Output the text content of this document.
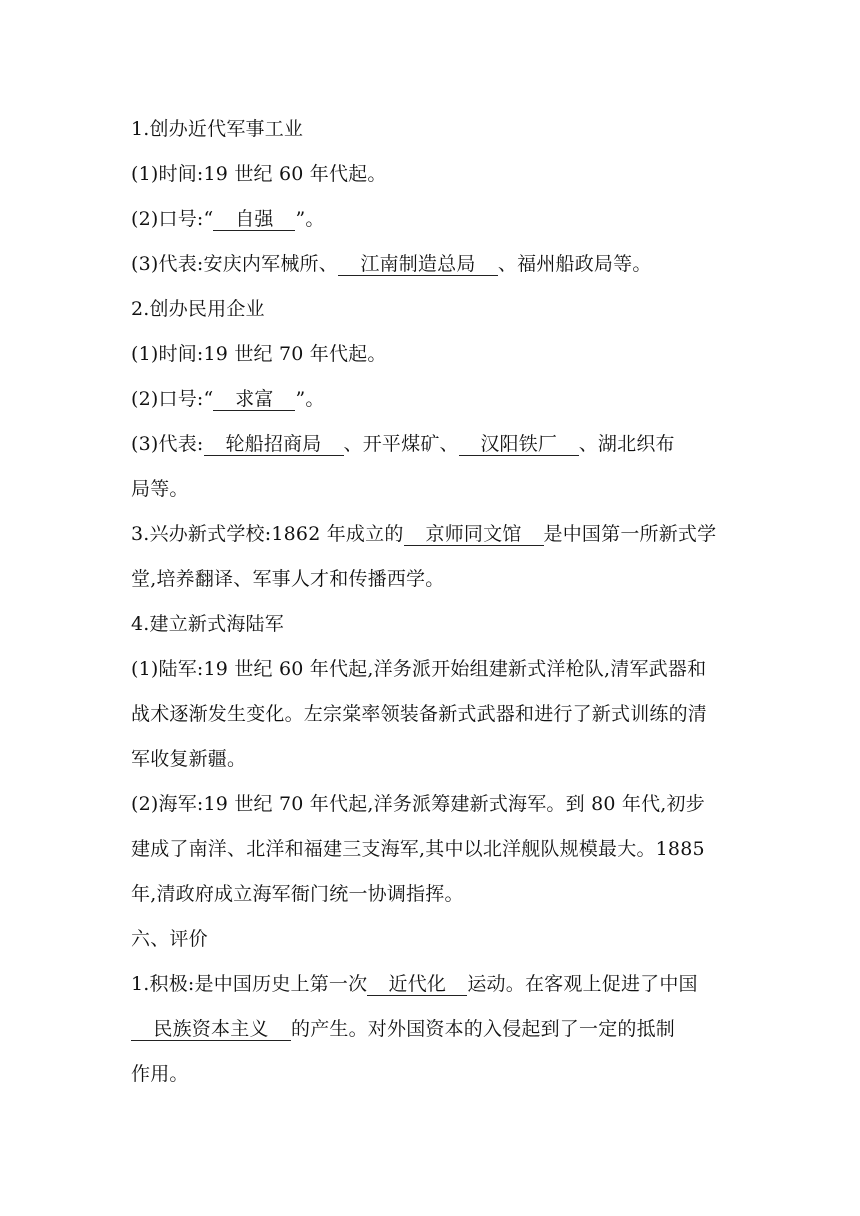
1.创办近代军事工业
(1)时间:19 世纪 60 年代起。
(2)口号:“ 自强 ”。
(3)代表:安庆内军械所、 江南制造总局 、福州船政局等。
2.创办民用企业
(1)时间:19 世纪 70 年代起。
(2)口号:“ 求富 ”。
(3)代表: 轮船招商局 、开平煤矿、 汉阳铁厂 、湖北织布
局等。
3.兴办新式学校:1862 年成立的 京师同文馆 是中国第一所新式学
堂,培养翻译、军事人才和传播西学。
4.建立新式海陆军
(1)陆军:19 世纪 60 年代起,洋务派开始组建新式洋枪队,清军武器和
战术逐渐发生变化。左宗棠率领装备新式武器和进行了新式训练的清
军收复新疆。
(2)海军:19 世纪 70 年代起,洋务派筹建新式海军。到 80 年代,初步
建成了南洋、北洋和福建三支海军,其中以北洋舰队规模最大。1885
年,清政府成立海军衙门统一协调指挥。
六、评价
1.积极:是中国历史上第一次 近代化 运动。在客观上促进了中国
民族资本主义 的产生。对外国资本的入侵起到了一定的抵制
作用。
